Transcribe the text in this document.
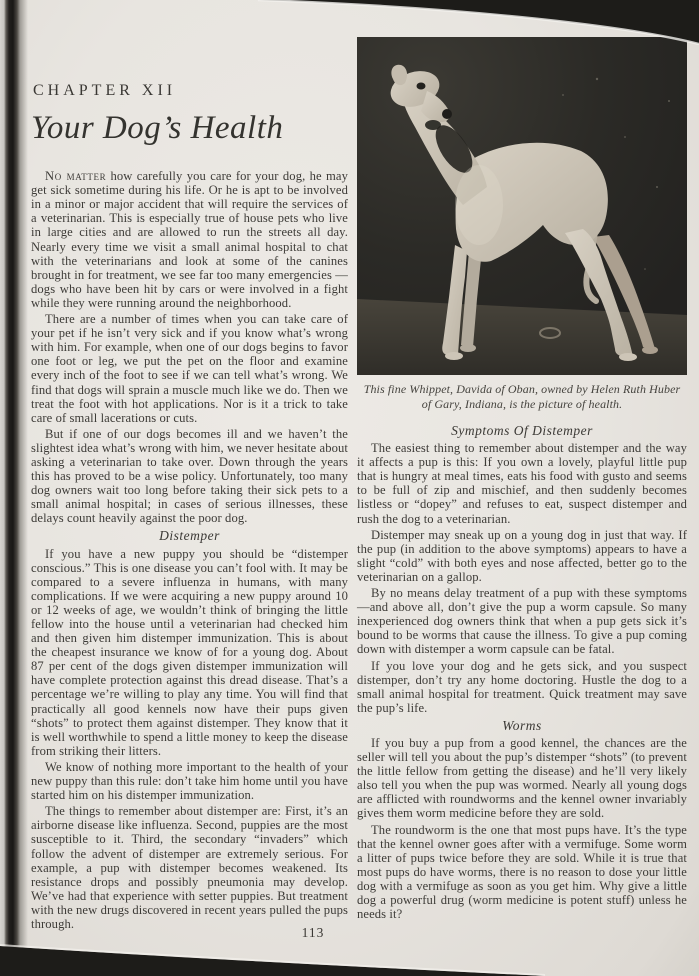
CHAPTER XII
Your Dog’s Health

No matter how carefully you care for your dog, he may get sick sometime during his life. Or he is apt to be involved in a minor or major accident that will require the services of a veterinarian. This is especially true of house pets who live in large cities and are allowed to run the streets all day. Nearly every time we visit a small animal hospital to chat with the veterinarians and look at some of the canines brought in for treatment, we see far too many emergencies —dogs who have been hit by cars or were involved in a fight while they were running around the neighborhood.

There are a number of times when you can take care of your pet if he isn’t very sick and if you know what’s wrong with him. For example, when one of our dogs begins to favor one foot or leg, we put the pet on the floor and examine every inch of the foot to see if we can tell what’s wrong. We find that dogs will sprain a muscle much like we do. Then we treat the foot with hot applications. Nor is it a trick to take care of small lacerations or cuts.

But if one of our dogs becomes ill and we haven’t the slightest idea what’s wrong with him, we never hesitate about asking a veterinarian to take over. Down through the years this has proved to be a wise policy. Unfortunately, too many dog owners wait too long before taking their sick pets to a small animal hospital; in cases of serious illnesses, these delays count heavily against the poor dog.

Distemper

If you have a new puppy you should be “distemper conscious.” This is one disease you can’t fool with. It may be compared to a severe influenza in humans, with many complications. If we were acquiring a new puppy around 10 or 12 weeks of age, we wouldn’t think of bringing the little fellow into the house until a veterinarian had checked him and then given him distemper immunization. This is about the cheapest insurance we know of for a young dog. About 87 per cent of the dogs given distemper immunization will have complete protection against this dread disease. That’s a percentage we’re willing to play any time. You will find that practically all good kennels now have their pups given “shots” to protect them against distemper. They know that it is well worthwhile to spend a little money to keep the disease from striking their litters.

We know of nothing more important to the health of your new puppy than this rule: don’t take him home until you have started him on his distemper immunization.

The things to remember about distemper are: First, it’s an airborne disease like influenza. Second, puppies are the most susceptible to it. Third, the secondary “invaders” which follow the advent of distemper are extremely serious. For example, a pup with distemper becomes weakened. Its resistance drops and possibly pneumonia may develop. We’ve had that experience with setter puppies. But treatment with the new drugs discovered in recent years pulled the pups through.

This fine Whippet, Davida of Oban, owned by Helen Ruth Huber
of Gary, Indiana, is the picture of health.
Symptoms Of Distemper

The easiest thing to remember about distemper and the way it affects a pup is this: If you own a lovely, playful little pup that is hungry at meal times, eats his food with gusto and seems to be full of zip and mischief, and then suddenly becomes listless or “dopey” and refuses to eat, suspect distemper and rush the dog to a veterinarian.

Distemper may sneak up on a young dog in just that way. If the pup (in addition to the above symptoms) appears to have a slight “cold” with both eyes and nose affected, better go to the veterinarian on a gallop.

By no means delay treatment of a pup with these symptoms—and above all, don’t give the pup a worm capsule. So many inexperienced dog owners think that when a pup gets sick it’s bound to be worms that cause the illness. To give a pup coming down with distemper a worm capsule can be fatal.

If you love your dog and he gets sick, and you suspect distemper, don’t try any home doctoring. Hustle the dog to a small animal hospital for treatment. Quick treatment may save the pup’s life.

Worms

If you buy a pup from a good kennel, the chances are the seller will tell you about the pup’s distemper “shots” (to prevent the little fellow from getting the disease) and he’ll very likely also tell you when the pup was wormed. Nearly all young dogs are afflicted with roundworms and the kennel owner invariably gives them worm medicine before they are sold.

The roundworm is the one that most pups have. It’s the type that the kennel owner goes after with a vermifuge. Some worm a litter of pups twice before they are sold. While it is true that most pups do have worms, there is no reason to dose your little dog with a vermifuge as soon as you get him. Why give a little dog a powerful drug (worm medicine is potent stuff) unless he needs it?

113
